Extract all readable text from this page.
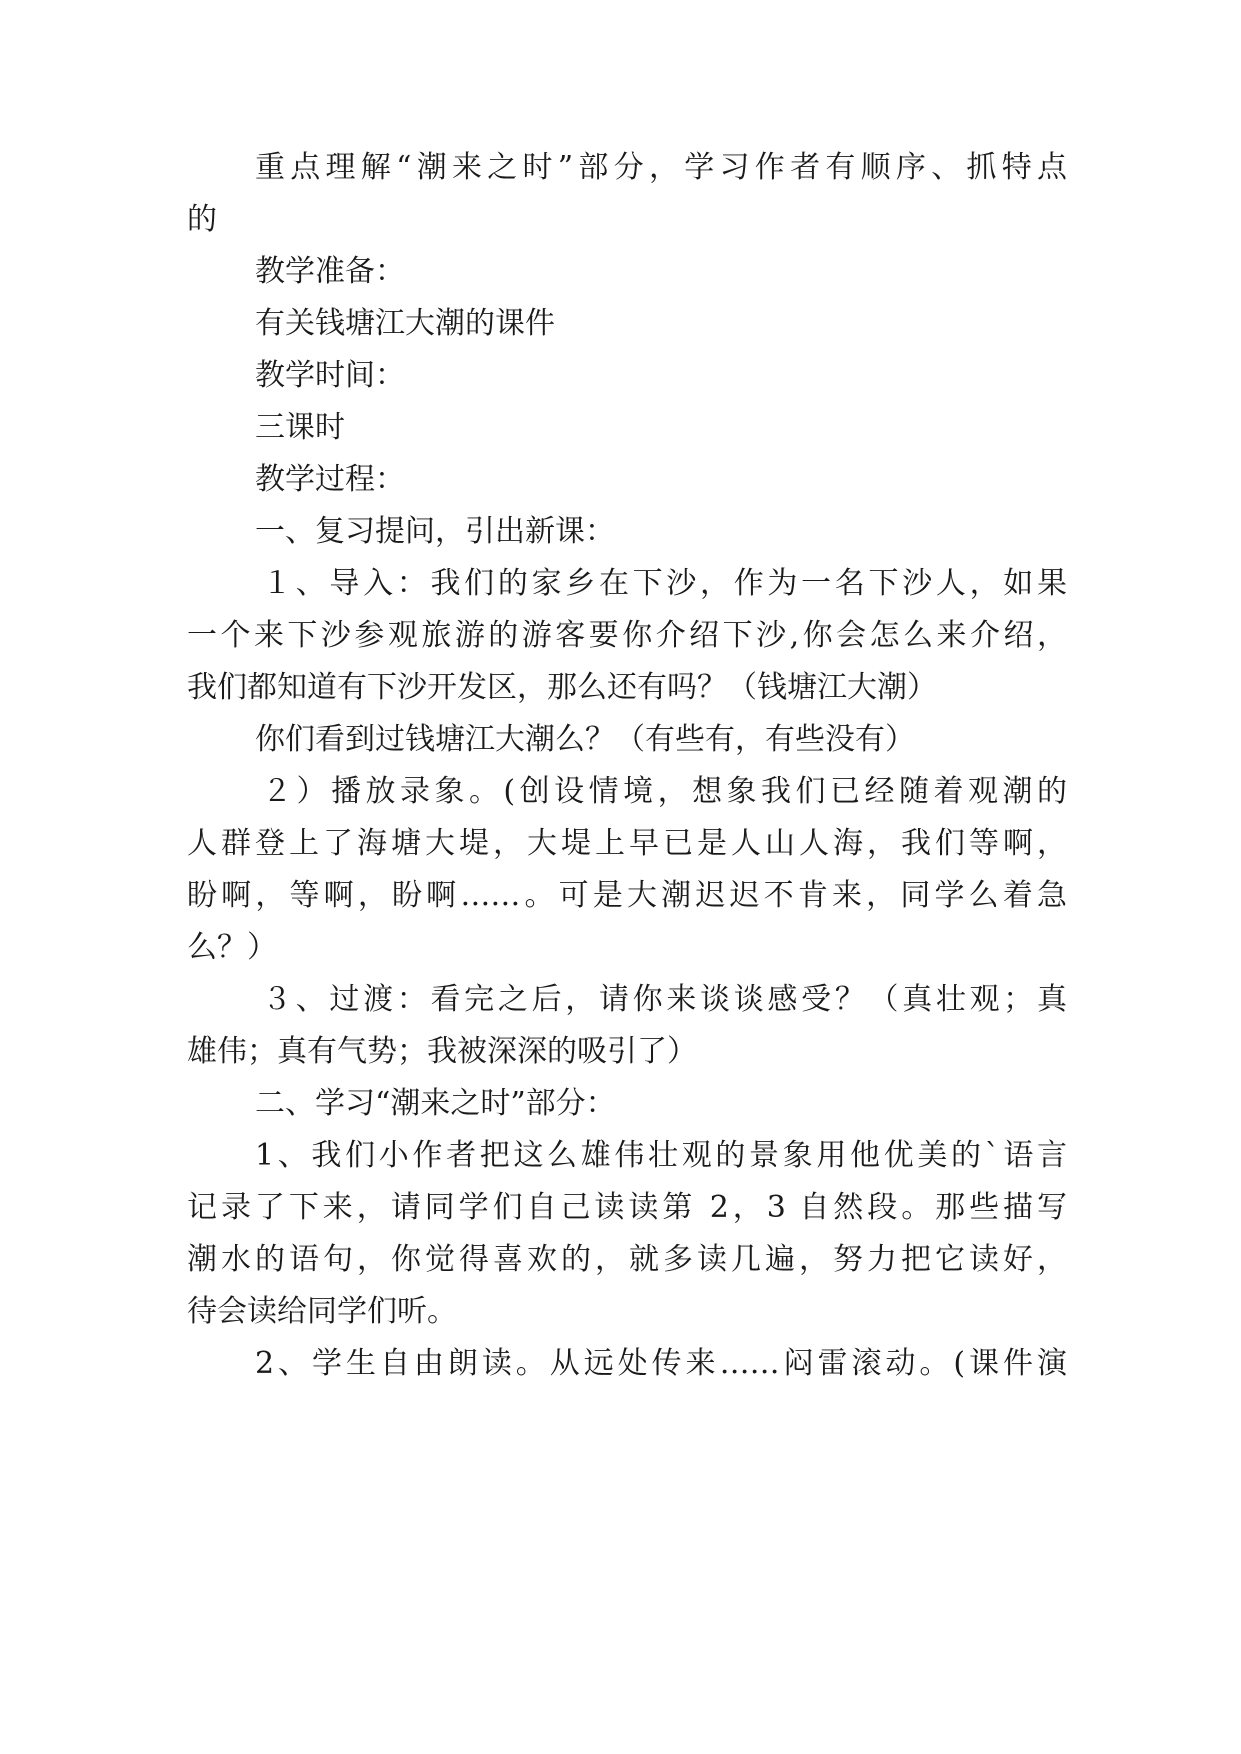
重点理解“潮来之时”部分，学习作者有顺序、抓特点
的
教学准备：
有关钱塘江大潮的课件
教学时间：
三课时
教学过程：
一、复习提问，引出新课：
１、导入：我们的家乡在下沙，作为一名下沙人，如果
一个来下沙参观旅游的游客要你介绍下沙,你会怎么来介绍，
我们都知道有下沙开发区，那么还有吗？（钱塘江大潮）
你们看到过钱塘江大潮么？（有些有，有些没有）
２）播放录象。(创设情境，想象我们已经随着观潮的
人群登上了海塘大堤，大堤上早已是人山人海，我们等啊，
盼啊，等啊，盼啊……。可是大潮迟迟不肯来，同学么着急
么？）
３、过渡：看完之后，请你来谈谈感受？（真壮观；真
雄伟；真有气势；我被深深的吸引了）
二、学习“潮来之时”部分：
1、我们小作者把这么雄伟壮观的景象用他优美的`语言
记录了下来，请同学们自己读读第 2，3 自然段。那些描写
潮水的语句，你觉得喜欢的，就多读几遍，努力把它读好，
待会读给同学们听。
2、学生自由朗读。从远处传来……闷雷滚动。(课件演
